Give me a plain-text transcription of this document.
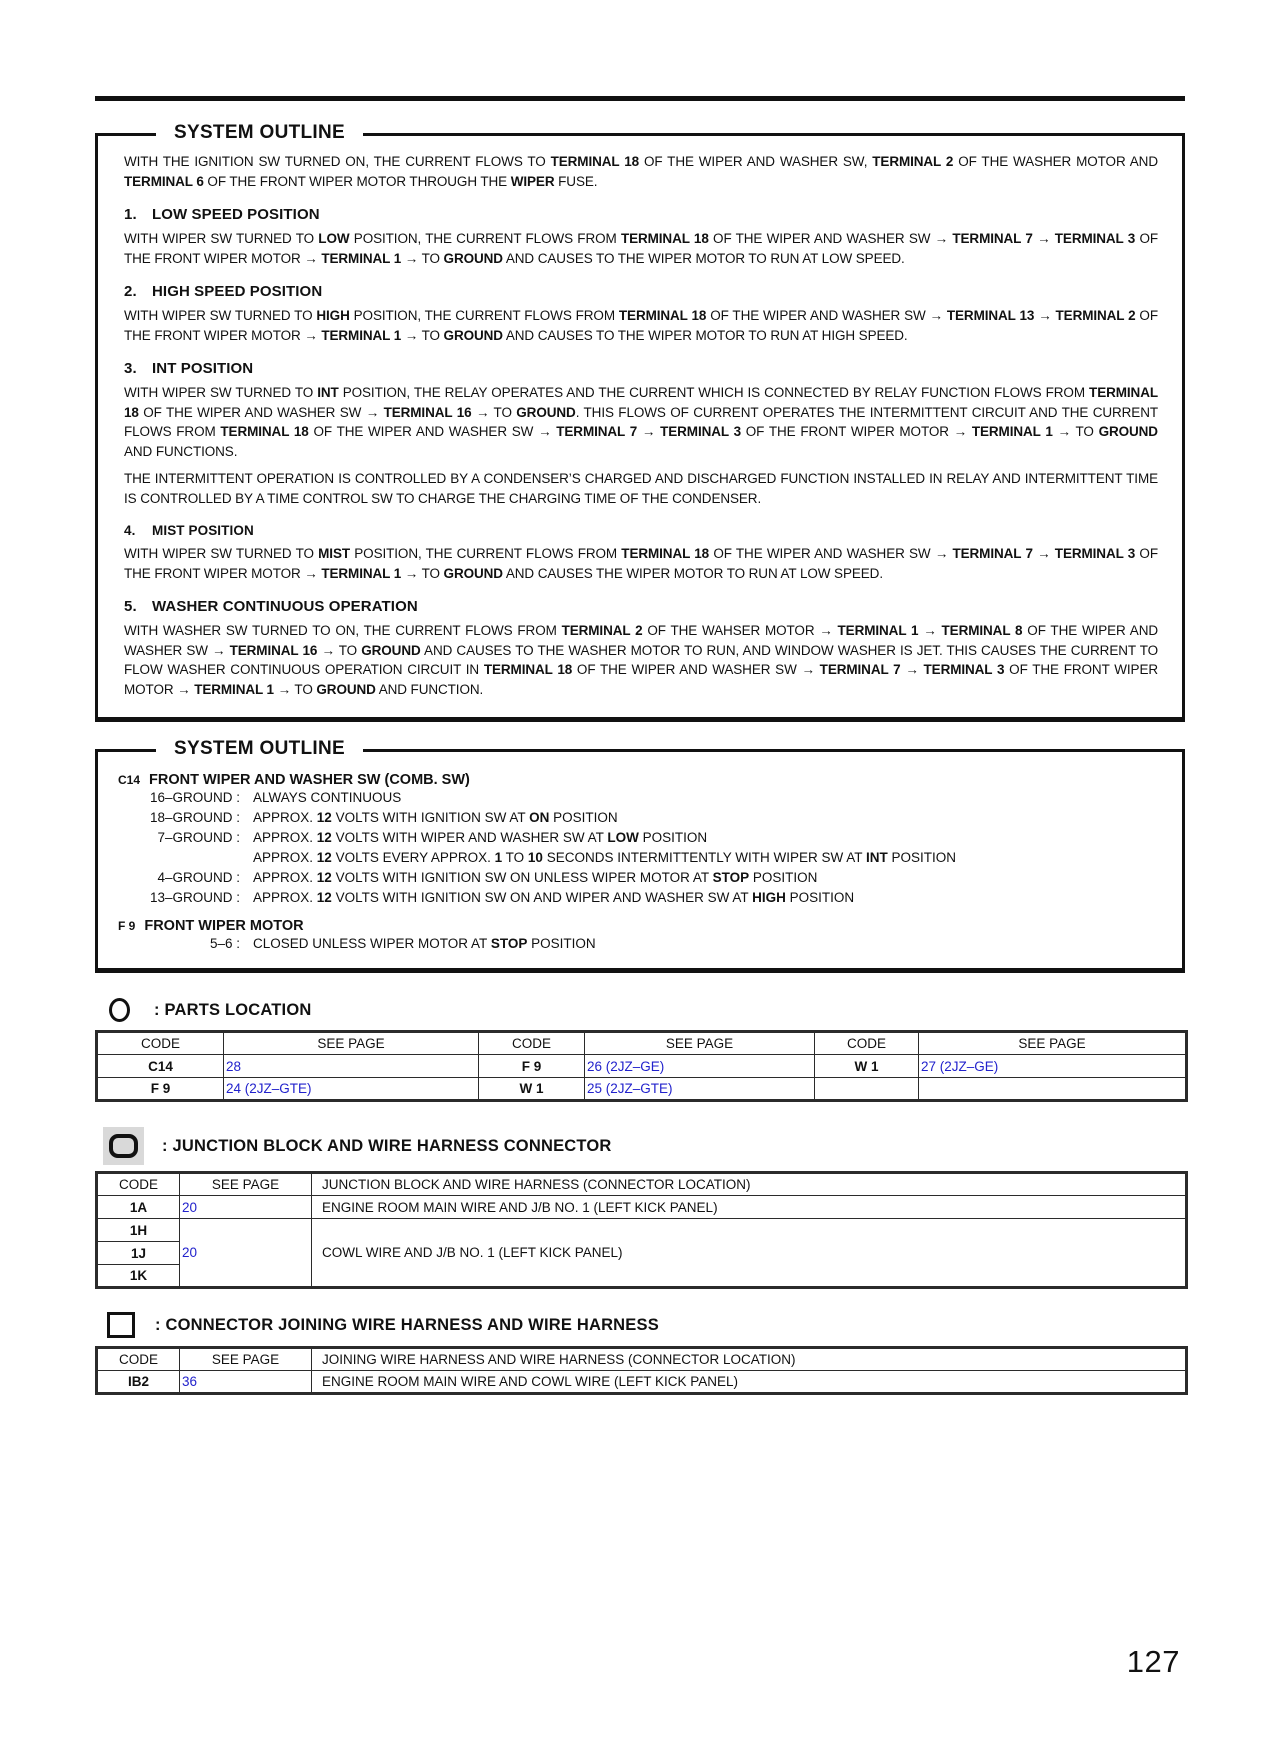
SYSTEM OUTLINE

WITH THE IGNITION SW TURNED ON, THE CURRENT FLOWS TO TERMINAL 18 OF THE WIPER AND WASHER SW, TERMINAL 2 OF THE WASHER MOTOR AND TERMINAL 6 OF THE FRONT WIPER MOTOR THROUGH THE WIPER FUSE.

1. LOW SPEED POSITION

WITH WIPER SW TURNED TO LOW POSITION, THE CURRENT FLOWS FROM TERMINAL 18 OF THE WIPER AND WASHER SW → TERMINAL 7 → TERMINAL 3 OF THE FRONT WIPER MOTOR → TERMINAL 1 → TO GROUND AND CAUSES TO THE WIPER MOTOR TO RUN AT LOW SPEED.

2. HIGH SPEED POSITION

WITH WIPER SW TURNED TO HIGH POSITION, THE CURRENT FLOWS FROM TERMINAL 18 OF THE WIPER AND WASHER SW → TERMINAL 13 → TERMINAL 2 OF THE FRONT WIPER MOTOR → TERMINAL 1 → TO GROUND AND CAUSES TO THE WIPER MOTOR TO RUN AT HIGH SPEED.

3. INT POSITION

WITH WIPER SW TURNED TO INT POSITION, THE RELAY OPERATES AND THE CURRENT WHICH IS CONNECTED BY RELAY FUNCTION FLOWS FROM TERMINAL 18 OF THE WIPER AND WASHER SW → TERMINAL 16 → TO GROUND. THIS FLOWS OF CURRENT OPERATES THE INTERMITTENT CIRCUIT AND THE CURRENT FLOWS FROM TERMINAL 18 OF THE WIPER AND WASHER SW → TERMINAL 7 → TERMINAL 3 OF THE FRONT WIPER MOTOR → TERMINAL 1 → TO GROUND AND FUNCTIONS.

THE INTERMITTENT OPERATION IS CONTROLLED BY A CONDENSER’S CHARGED AND DISCHARGED FUNCTION INSTALLED IN RELAY AND INTERMITTENT TIME IS CONTROLLED BY A TIME CONTROL SW TO CHARGE THE CHARGING TIME OF THE CONDENSER.

4. MIST POSITION

WITH WIPER SW TURNED TO MIST POSITION, THE CURRENT FLOWS FROM TERMINAL 18 OF THE WIPER AND WASHER SW → TERMINAL 7 → TERMINAL 3 OF THE FRONT WIPER MOTOR → TERMINAL 1 → TO GROUND AND CAUSES THE WIPER MOTOR TO RUN AT LOW SPEED.

5. WASHER CONTINUOUS OPERATION

WITH WASHER SW TURNED TO ON, THE CURRENT FLOWS FROM TERMINAL 2 OF THE WAHSER MOTOR → TERMINAL 1 → TERMINAL 8 OF THE WIPER AND WASHER SW → TERMINAL 16 → TO GROUND AND CAUSES TO THE WASHER MOTOR TO RUN, AND WINDOW WASHER IS JET. THIS CAUSES THE CURRENT TO FLOW WASHER CONTINUOUS OPERATION CIRCUIT IN TERMINAL 18 OF THE WIPER AND WASHER SW → TERMINAL 7 → TERMINAL 3 OF THE FRONT WIPER MOTOR → TERMINAL 1 → TO GROUND AND FUNCTION.

SYSTEM OUTLINE
C14 FRONT WIPER AND WASHER SW (COMB. SW)
16–GROUND : ALWAYS CONTINUOUS
18–GROUND : APPROX. 12 VOLTS WITH IGNITION SW AT ON POSITION
7–GROUND : APPROX. 12 VOLTS WITH WIPER AND WASHER SW AT LOW POSITION
APPROX. 12 VOLTS EVERY APPROX. 1 TO 10 SECONDS INTERMITTENTLY WITH WIPER SW AT INT POSITION
4–GROUND : APPROX. 12 VOLTS WITH IGNITION SW ON UNLESS WIPER MOTOR AT STOP POSITION
13–GROUND : APPROX. 12 VOLTS WITH IGNITION SW ON AND WIPER AND WASHER SW AT HIGH POSITION
F 9 FRONT WIPER MOTOR
5–6 : CLOSED UNLESS WIPER MOTOR AT STOP POSITION
: PARTS LOCATION
CODE	SEE PAGE	CODE	SEE PAGE	CODE	SEE PAGE
C14	28	F 9	26 (2JZ–GE)	W 1	27 (2JZ–GE)
F 9	24 (2JZ–GTE)	W 1	25 (2JZ–GTE)		
: JUNCTION BLOCK AND WIRE HARNESS CONNECTOR
CODE	SEE PAGE	JUNCTION BLOCK AND WIRE HARNESS (CONNECTOR LOCATION)
1A	20	ENGINE ROOM MAIN WIRE AND J/B NO. 1 (LEFT KICK PANEL)
1H	20	COWL WIRE AND J/B NO. 1 (LEFT KICK PANEL)
1J		
1K		
: CONNECTOR JOINING WIRE HARNESS AND WIRE HARNESS
CODE	SEE PAGE	JOINING WIRE HARNESS AND WIRE HARNESS (CONNECTOR LOCATION)
IB2	36	ENGINE ROOM MAIN WIRE AND COWL WIRE (LEFT KICK PANEL)
127
